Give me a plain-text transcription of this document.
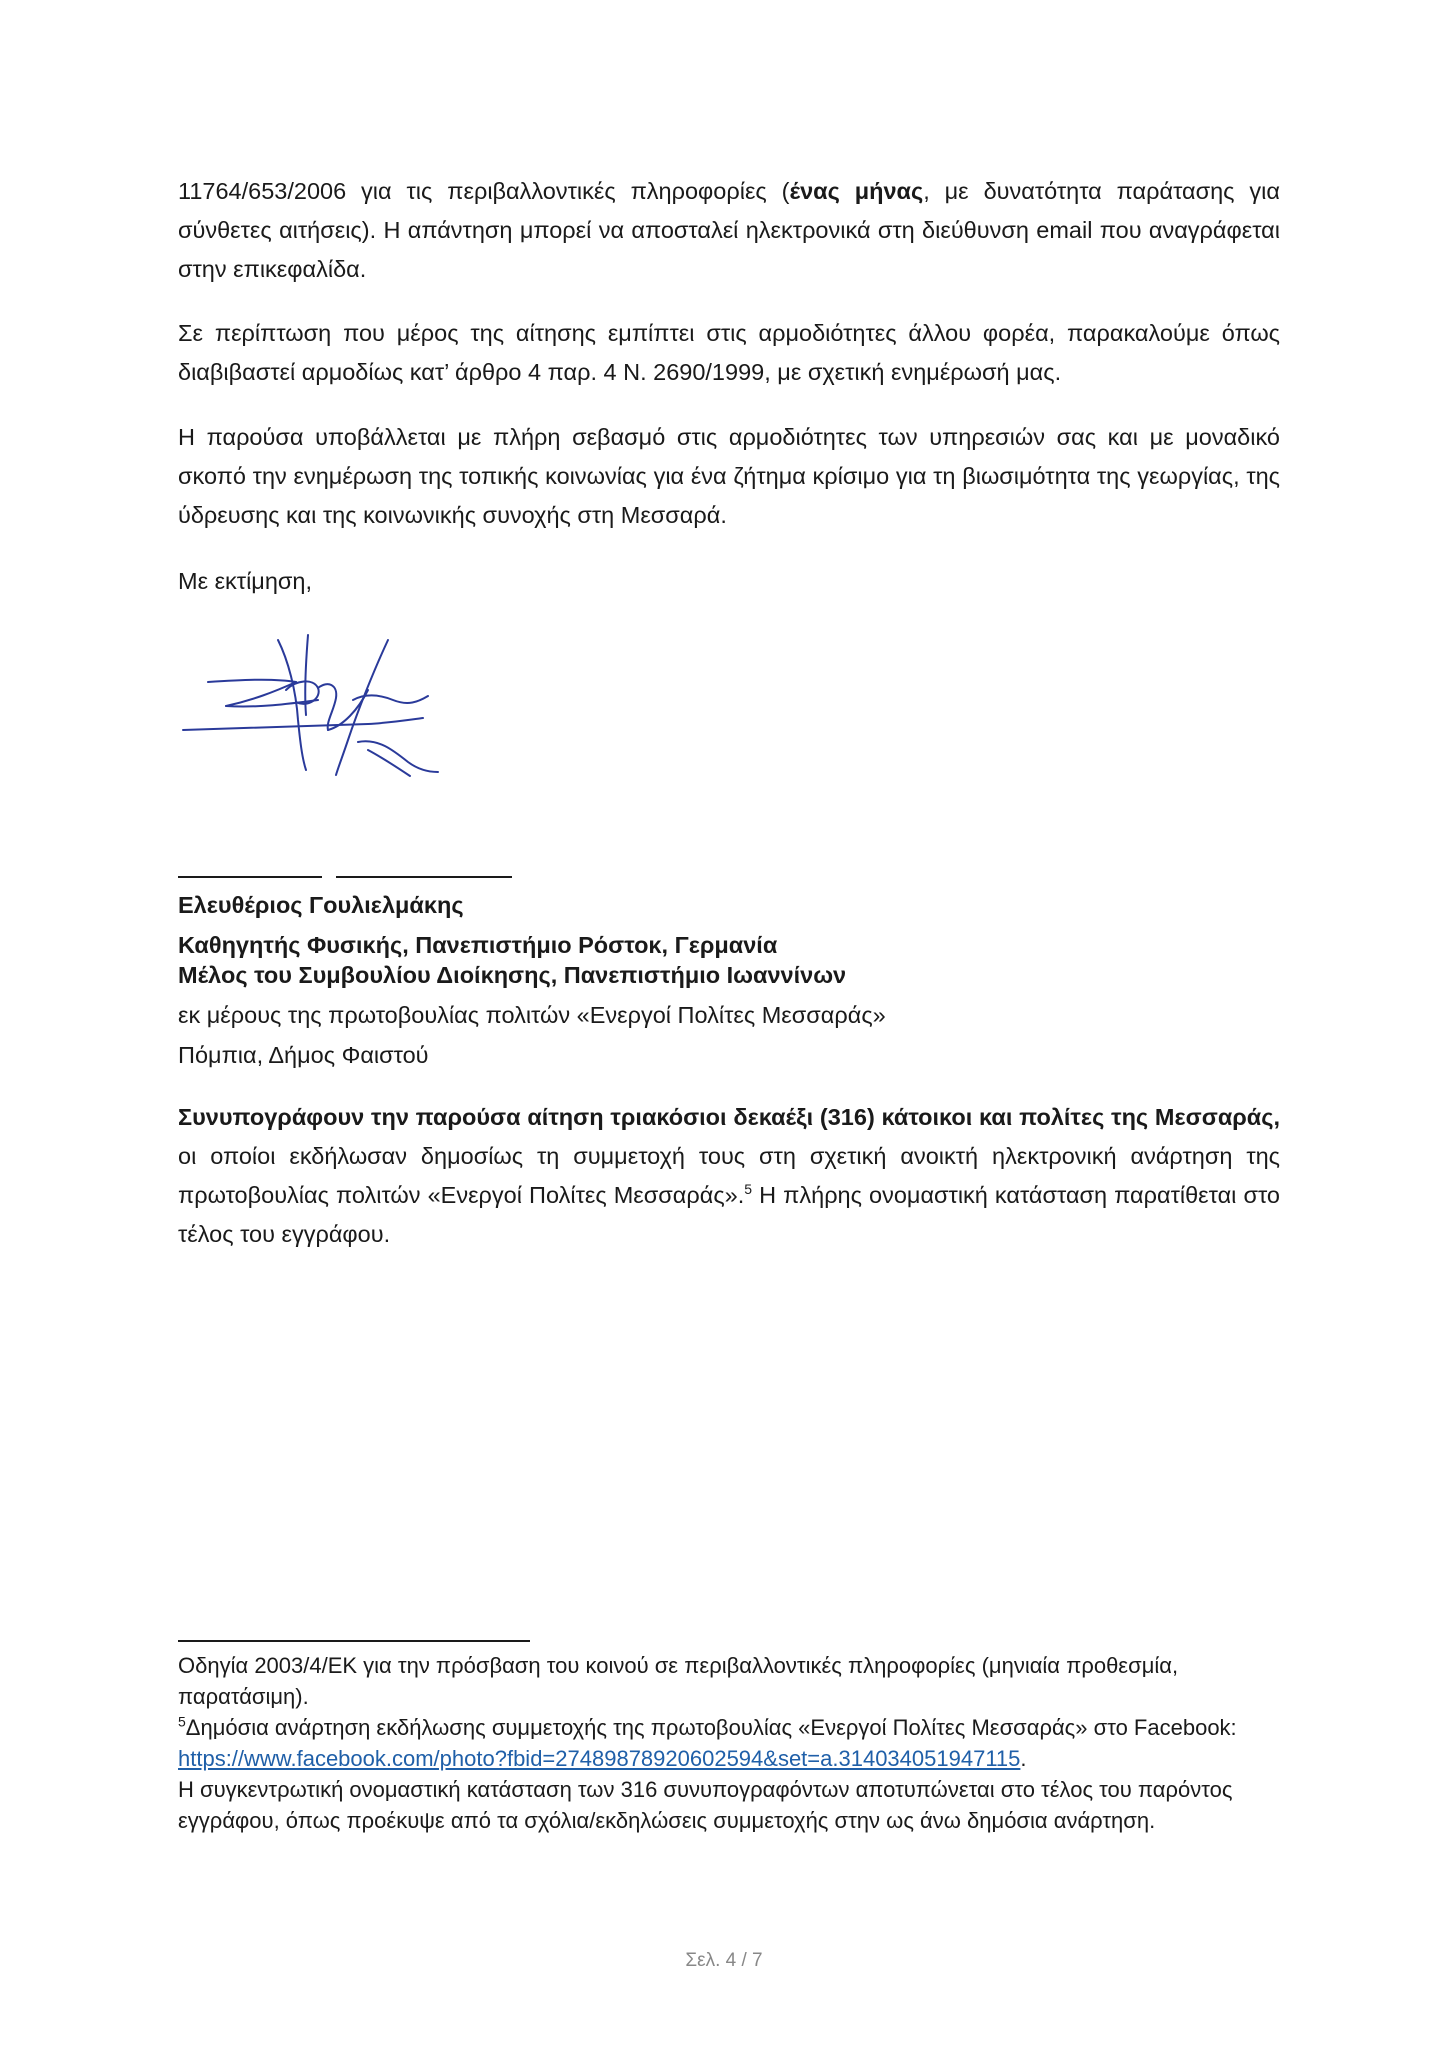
11764/653/2006 για τις περιβαλλοντικές πληροφορίες (ένας μήνας, με δυνατότητα παράτασης για σύνθετες αιτήσεις). Η απάντηση μπορεί να αποσταλεί ηλεκτρονικά στη διεύθυνση email που αναγράφεται στην επικεφαλίδα.
Σε περίπτωση που μέρος της αίτησης εμπίπτει στις αρμοδιότητες άλλου φορέα, παρακαλούμε όπως διαβιβαστεί αρμοδίως κατ’ άρθρο 4 παρ. 4 Ν. 2690/1999, με σχετική ενημέρωσή μας.
Η παρούσα υποβάλλεται με πλήρη σεβασμό στις αρμοδιότητες των υπηρεσιών σας και με μοναδικό σκοπό την ενημέρωση της τοπικής κοινωνίας για ένα ζήτημα κρίσιμο για τη βιωσιμότητα της γεωργίας, της ύδρευσης και της κοινωνικής συνοχής στη Μεσσαρά.
Με εκτίμηση,
Ελευθέριος Γουλιελμάκης
Καθηγητής Φυσικής, Πανεπιστήμιο Ρόστοκ, Γερμανία
Μέλος του Συμβουλίου Διοίκησης, Πανεπιστήμιο Ιωαννίνων
εκ μέρους της πρωτοβουλίας πολιτών «Ενεργοί Πολίτες Μεσσαράς»
Πόμπια, Δήμος Φαιστού
Συνυπογράφουν την παρούσα αίτηση τριακόσιοι δεκαέξι (316) κάτοικοι και πολίτες της Μεσσαράς, οι οποίοι εκδήλωσαν δημοσίως τη συμμετοχή τους στη σχετική ανοικτή ηλεκτρονική ανάρτηση της πρωτοβουλίας πολιτών «Ενεργοί Πολίτες Μεσσαράς».$^5$ Η πλήρης ονομαστική κατάσταση παρατίθεται στο τέλος του εγγράφου.
Οδηγία 2003/4/ΕΚ για την πρόσβαση του κοινού σε περιβαλλοντικές πληροφορίες (μηνιαία προθεσμία, παρατάσιμη).
$^5$Δημόσια ανάρτηση εκδήλωσης συμμετοχής της πρωτοβουλίας «Ενεργοί Πολίτες Μεσσαράς» στο Facebook: https://www.facebook.com/photo?fbid=27489878920602594&set=a.314034051947115.
Η συγκεντρωτική ονομαστική κατάσταση των 316 συνυπογραφόντων αποτυπώνεται στο τέλος του παρόντος εγγράφου, όπως προέκυψε από τα σχόλια/εκδηλώσεις συμμετοχής στην ως άνω δημόσια ανάρτηση.
Σελ. 4 / 7
